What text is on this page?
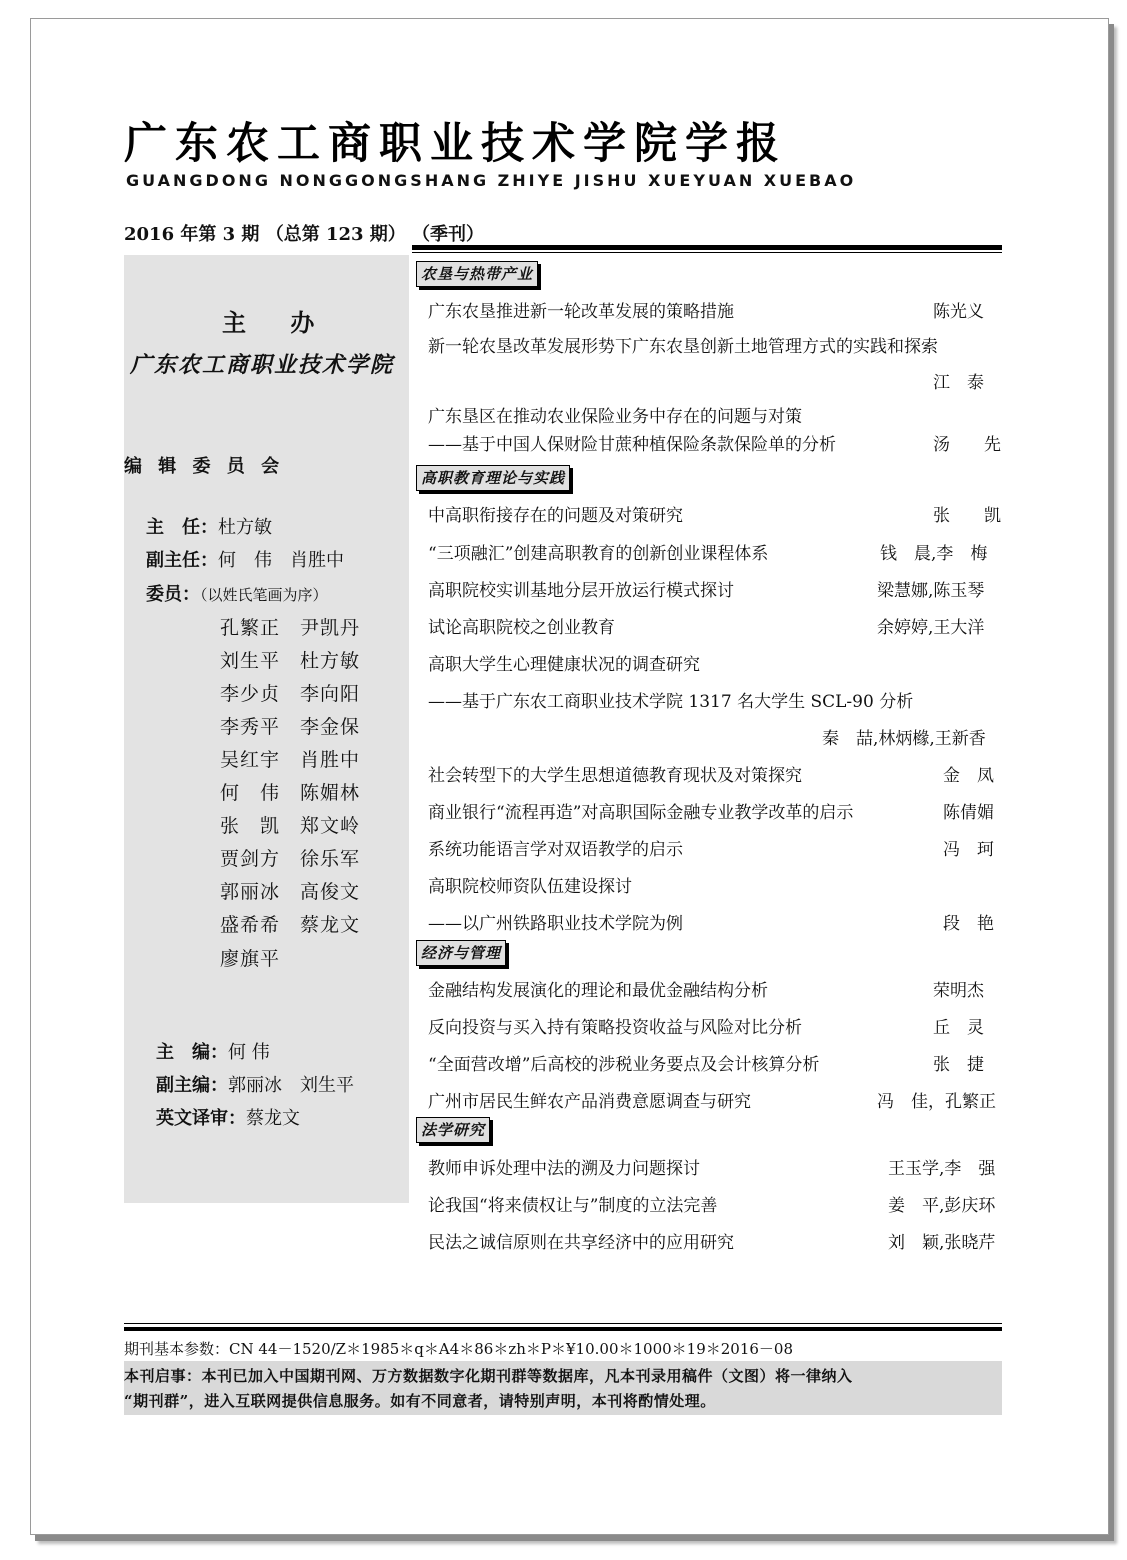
广东农工商职业技术学院学报
GUANGDONG NONGGONGSHANG ZHIYE JISHU XUEYUAN XUEBAO
2016 年第 3 期 （总第 123 期） （季刊）
主 办
广东农工商职业技术学院
编 辑 委 员 会
主　任：杜方敏
副主任：何　伟　肖胜中
委员：（以姓氏笔画为序）
孔繁正　尹凯丹
刘生平　杜方敏
李少贞　李向阳
李秀平　李金保
吴红宇　肖胜中
何　伟　陈媚林
张　凯　郑文岭
贾剑方　徐乐军
郭丽冰　高俊文
盛希希　蔡龙文
廖旗平
主　编：何 伟
副主编：郭丽冰　刘生平
英文译审：蔡龙文
农垦与热带产业
广东农垦推进新一轮改革发展的策略措施	陈光义
新一轮农垦改革发展形势下广东农垦创新土地管理方式的实践和探索
江　泰
广东垦区在推动农业保险业务中存在的问题与对策
——基于中国人保财险甘蔗种植保险条款保险单的分析	汤　　先
高职教育理论与实践
中高职衔接存在的问题及对策研究	张　　凯
“三项融汇”创建高职教育的创新创业课程体系	钱　晨,李　梅
高职院校实训基地分层开放运行模式探讨	梁慧娜,陈玉琴
试论高职院校之创业教育	余婷婷,王大洋
高职大学生心理健康状况的调查研究
——基于广东农工商职业技术学院 1317 名大学生 SCL-90 分析
秦　喆,林炳橼,王新香
社会转型下的大学生思想道德教育现状及对策探究	金　凤
商业银行“流程再造”对高职国际金融专业教学改革的启示	陈倩媚
系统功能语言学对双语教学的启示	冯　珂
高职院校师资队伍建设探讨
——以广州铁路职业技术学院为例	段　艳
经济与管理
金融结构发展演化的理论和最优金融结构分析	荣明杰
反向投资与买入持有策略投资收益与风险对比分析	丘　灵
“全面营改增”后高校的涉税业务要点及会计核算分析	张　捷
广州市居民生鲜农产品消费意愿调查与研究	冯　佳，孔繁正
法学研究
教师申诉处理中法的溯及力问题探讨	王玉学,李　强
论我国“将来债权让与”制度的立法完善	姜　平,彭庆环
民法之诚信原则在共享经济中的应用研究	刘　颖,张晓芹
期刊基本参数：CN 44－1520/Z＊1985＊q＊A4＊86＊zh＊P＊¥10.00＊1000＊19＊2016－08
本刊启事：本刊已加入中国期刊网、万方数据数字化期刊群等数据库，凡本刊录用稿件（文图）将一律纳入
“期刊群”，进入互联网提供信息服务。如有不同意者，请特别声明，本刊将酌情处理。
